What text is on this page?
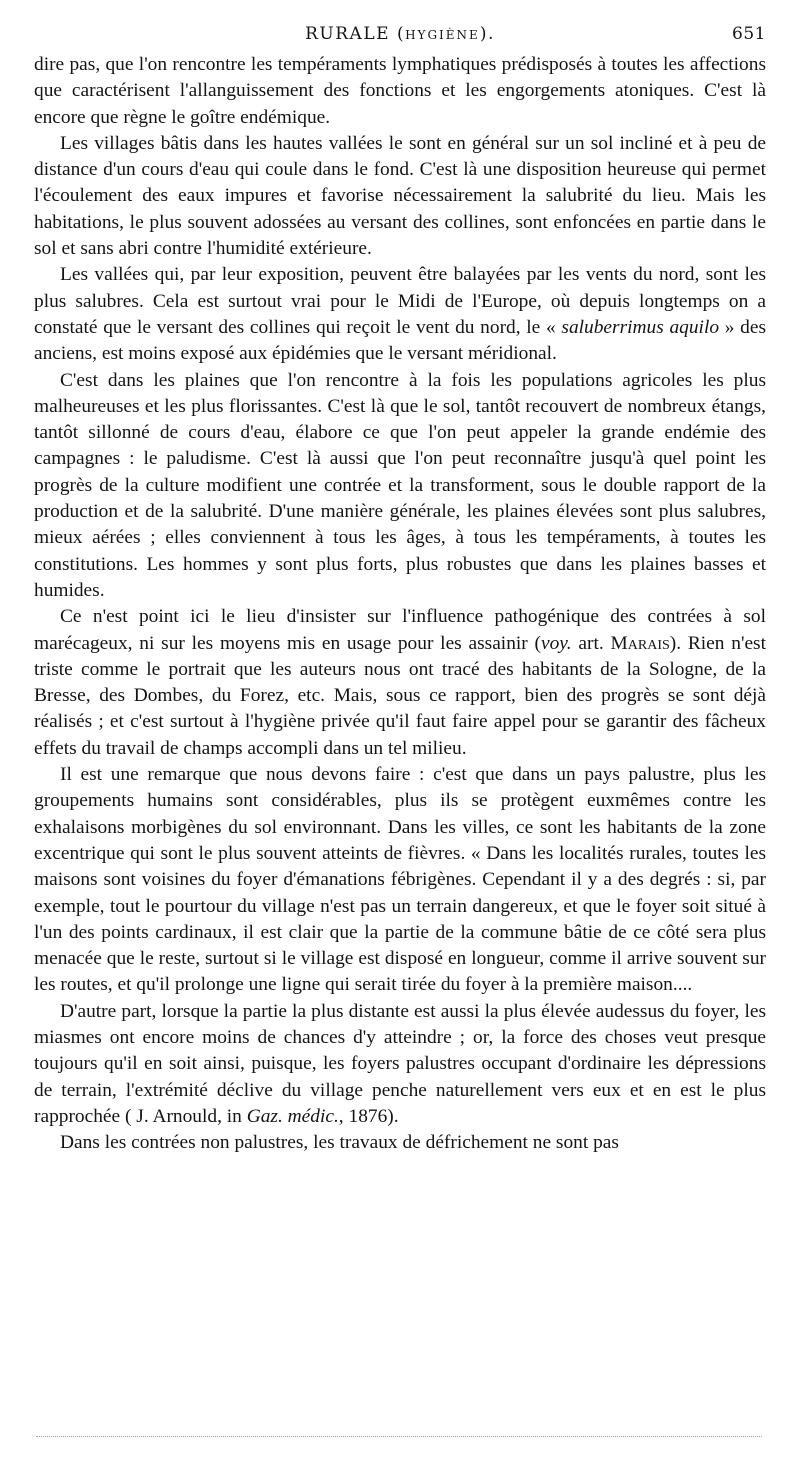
RURALE (HYGIÈNE).	651

dire pas, que l'on rencontre les tempéraments lymphatiques prédisposés à toutes les affections que caractérisent l'allanguissement des fonctions et les engorgements atoniques. C'est là encore que règne le goître endémique.

Les villages bâtis dans les hautes vallées le sont en général sur un sol incliné et à peu de distance d'un cours d'eau qui coule dans le fond. C'est là une disposition heureuse qui permet l'écoulement des eaux impures et favorise nécessairement la salubrité du lieu. Mais les habitations, le plus souvent adossées au versant des collines, sont enfoncées en partie dans le sol et sans abri contre l'humidité extérieure.

Les vallées qui, par leur exposition, peuvent être balayées par les vents du nord, sont les plus salubres. Cela est surtout vrai pour le Midi de l'Europe, où depuis longtemps on a constaté que le versant des collines qui reçoit le vent du nord, le « saluberrimus aquilo » des anciens, est moins exposé aux épidémies que le versant méridional.

C'est dans les plaines que l'on rencontre à la fois les populations agricoles les plus malheureuses et les plus florissantes. C'est là que le sol, tantôt recouvert de nombreux étangs, tantôt sillonné de cours d'eau, élabore ce que l'on peut appeler la grande endémie des campagnes : le paludisme. C'est là aussi que l'on peut reconnaître jusqu'à quel point les progrès de la culture modifient une contrée et la transforment, sous le double rapport de la production et de la salubrité. D'une manière générale, les plaines élevées sont plus salubres, mieux aérées ; elles conviennent à tous les âges, à tous les tempéraments, à toutes les constitutions. Les hommes y sont plus forts, plus robustes que dans les plaines basses et humides.

Ce n'est point ici le lieu d'insister sur l'influence pathogénique des contrées à sol marécageux, ni sur les moyens mis en usage pour les assainir (voy. art. Marais). Rien n'est triste comme le portrait que les auteurs nous ont tracé des habitants de la Sologne, de la Bresse, des Dombes, du Forez, etc. Mais, sous ce rapport, bien des progrès se sont déjà réalisés ; et c'est surtout à l'hygiène privée qu'il faut faire appel pour se garantir des fâcheux effets du travail de champs accompli dans un tel milieu.

Il est une remarque que nous devons faire : c'est que dans un pays palustre, plus les groupements humains sont considérables, plus ils se protègent euxmêmes contre les exhalaisons morbigènes du sol environnant. Dans les villes, ce sont les habitants de la zone excentrique qui sont le plus souvent atteints de fièvres. « Dans les localités rurales, toutes les maisons sont voisines du foyer d'émanations fébrigènes. Cependant il y a des degrés : si, par exemple, tout le pourtour du village n'est pas un terrain dangereux, et que le foyer soit situé à l'un des points cardinaux, il est clair que la partie de la commune bâtie de ce côté sera plus menacée que le reste, surtout si le village est disposé en longueur, comme il arrive souvent sur les routes, et qu'il prolonge une ligne qui serait tirée du foyer à la première maison....

D'autre part, lorsque la partie la plus distante est aussi la plus élevée audessus du foyer, les miasmes ont encore moins de chances d'y atteindre ; or, la force des choses veut presque toujours qu'il en soit ainsi, puisque, les foyers palustres occupant d'ordinaire les dépressions de terrain, l'extrémité déclive du village penche naturellement vers eux et en est le plus rapprochée ( J. Arnould, in Gaz. médic., 1876).

Dans les contrées non palustres, les travaux de défrichement ne sont pas
